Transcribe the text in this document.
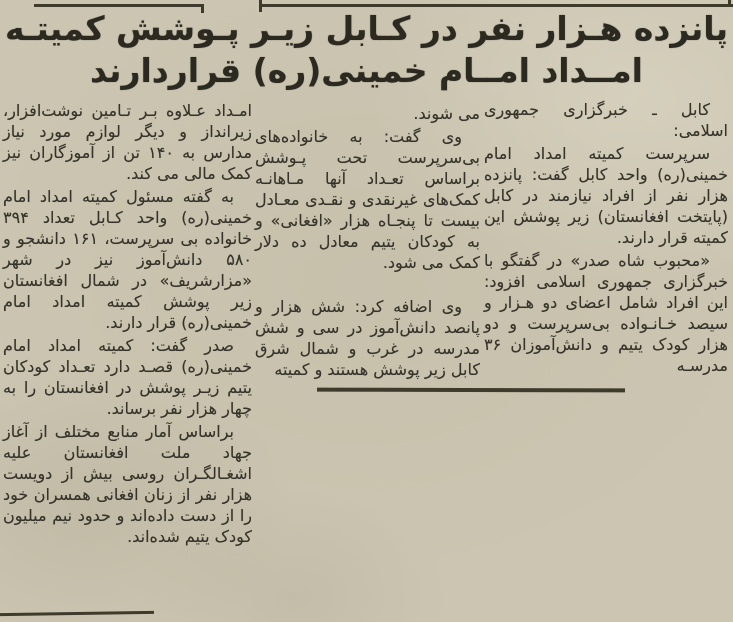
پانزده هـزار نفر در کـابل زیـر پـوشش کمیتـه
امــداد امــام خمینی(ره) قراردارند

کابل ـ خبرگزاری جمهوری اسلامی:

سرپرست کمیته امداد امام خمینی(ره) واحد کابل گفت: پانزده هزار نفر از افراد نیازمند در کابل (پایتخت افغانستان) زیر پوشش این کمیته قرار دارند.

«محبوب شاه صدر» در گفتگو با خبرگزاری جمهوری اسلامی افزود: این افراد شامل اعضای دو هـزار و سیصد خـانـواده بی‌سرپرست و دو هزار کودک یتیم و دانش‌آموزان ۳۶ مدرسـه

می شوند.

وی گفت: به خانواده‌های بی‌سرپرست تحت پـوشش براساس تعـداد آنها مـاهانـه کمک‌های غیرنقدی و نقـدی معـادل بیست تا پنجـاه هزار «افغانی» و به کودکان یتیم معادل ده دلار کمک می شود.

وی اضافه کرد: شش هزار و پانصد دانش‌آموز در سی و شش مدرسه در غرب و شمال شرق کابل زیر پوشش هستند و کمیته

امـداد عـلاوه بـر تـامین نوشت‌افزار، زیرانداز و دیگر لوازم مورد نیاز مدارس به ۱۴۰ تن از آموزگاران نیز کمک مالی می کند.

به گفته مسئول کمیته امداد امام خمینی(ره) واحد کـابل تعداد ۳۹۴ خانواده بی سرپرست، ۱۶۱ دانشجو و ۵۸۰ دانش‌آموز نیز در شهر «مزارشریف» در شمال افغانستان زیر پوشش کمیته امداد امام خمینی(ره) قرار دارند.

صدر گفت: کمیته امداد امام خمینی(ره) قصـد دارد تعـداد کودکان یتیم زیـر پوشش در افغانستان را به چهار هزار نفر برساند.

براساس آمار منابع مختلف از آغاز جهاد ملت افغانستان علیه اشغـالگـران روسی بیش از دویست هزار نفر از زنان افغانی همسران خود را از دست داده‌اند و حدود نیم میلیون کودک یتیم شده‌اند.
